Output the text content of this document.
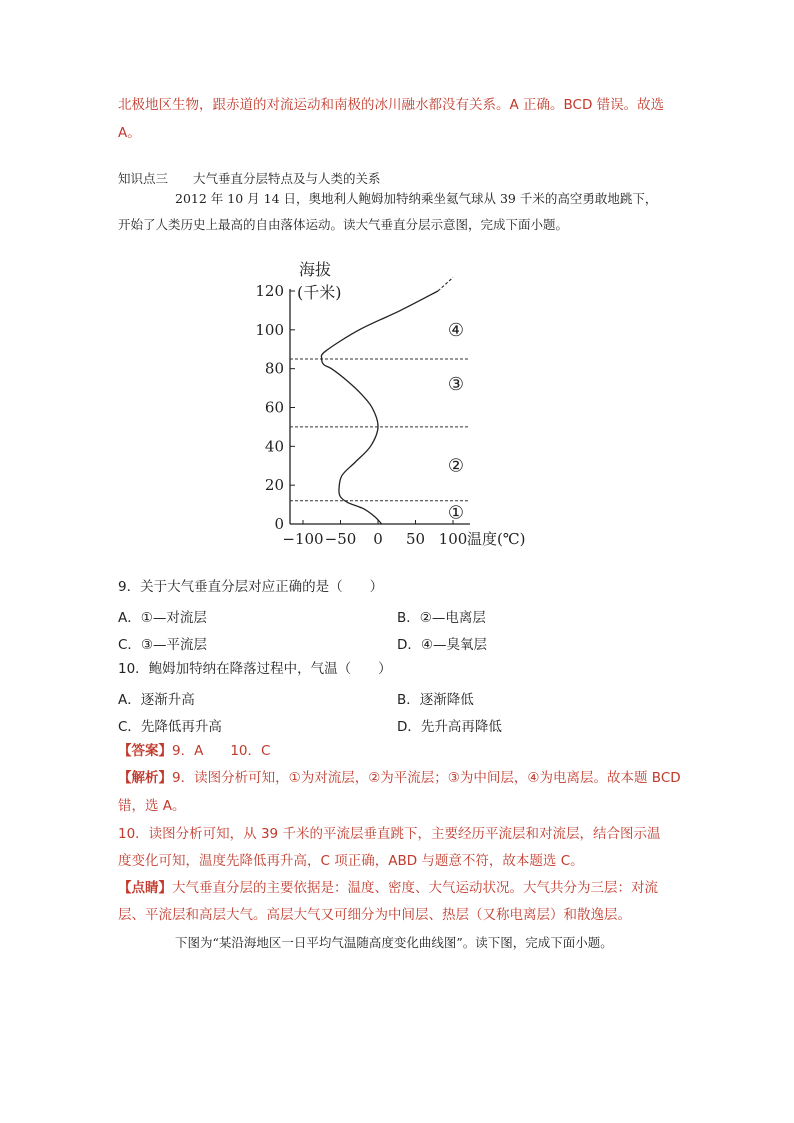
北极地区生物，跟赤道的对流运动和南极的冰川融水都没有关系。A 正确。BCD 错误。故选
A。
知识点三　　大气垂直分层特点及与人类的关系
2012 年 10 月 14 日，奥地利人鲍姆加特纳乘坐氦气球从 39 千米的高空勇敢地跳下，
开始了人类历史上最高的自由落体运动。读大气垂直分层示意图，完成下面小题。
0
20
40
60
80
100
120
−100 −50 0 50 100
海拔
(千米)
温度(℃)
①
②
③
④
9．关于大气垂直分层对应正确的是（　　）
A．①—对流层	B．②—电离层
C．③—平流层	D．④—臭氧层
10．鲍姆加特纳在降落过程中，气温（　　）
A．逐渐升高	B．逐渐降低
C．先降低再升高	D．先升高再降低
【答案】9．A　　10．C
【解析】9．读图分析可知，①为对流层，②为平流层；③为中间层，④为电离层。故本题 BCD
错，选 A。
10．读图分析可知，从 39 千米的平流层垂直跳下，主要经历平流层和对流层，结合图示温
度变化可知，温度先降低再升高，C 项正确，ABD 与题意不符，故本题选 C。
【点睛】大气垂直分层的主要依据是：温度、密度、大气运动状况。大气共分为三层：对流
层、平流层和高层大气。高层大气又可细分为中间层、热层（又称电离层）和散逸层。
下图为“某沿海地区一日平均气温随高度变化曲线图”。读下图，完成下面小题。
